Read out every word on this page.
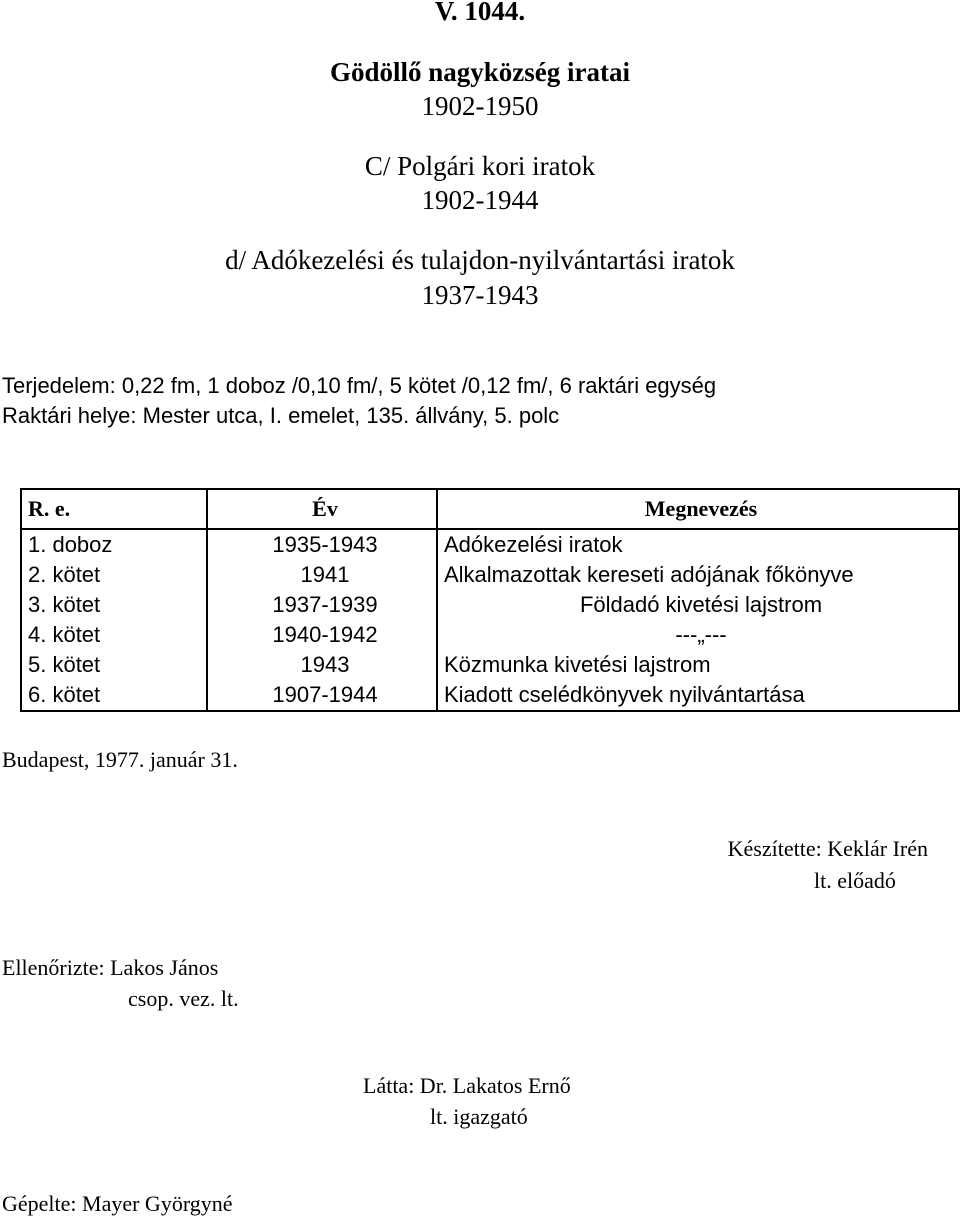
V. 1044.
Gödöllő nagyközség iratai
1902-1950
C/ Polgári kori iratok
1902-1944
d/ Adókezelési és tulajdon-nyilvántartási iratok
1937-1943
Terjedelem: 0,22 fm, 1 doboz /0,10 fm/, 5 kötet /0,12 fm/, 6 raktári egység
Raktári helye: Mester utca, I. emelet, 135. állvány, 5. polc
R. e.	Év	Megnevezés
1. doboz	1935-1943	Adókezelési iratok
2. kötet	1941	Alkalmazottak kereseti adójának főkönyve
3. kötet	1937-1939	Földadó kivetési lajstrom
4. kötet	1940-1942	---„---
5. kötet	1943	Közmunka kivetési lajstrom
6. kötet	1907-1944	Kiadott cselédkönyvek nyilvántartása
Budapest, 1977. január 31.
Készítette: Keklár Irén
lt. előadó
Ellenőrizte: Lakos János
csop. vez. lt.
Látta: Dr. Lakatos Ernő
lt. igazgató
Gépelte: Mayer Györgyné
